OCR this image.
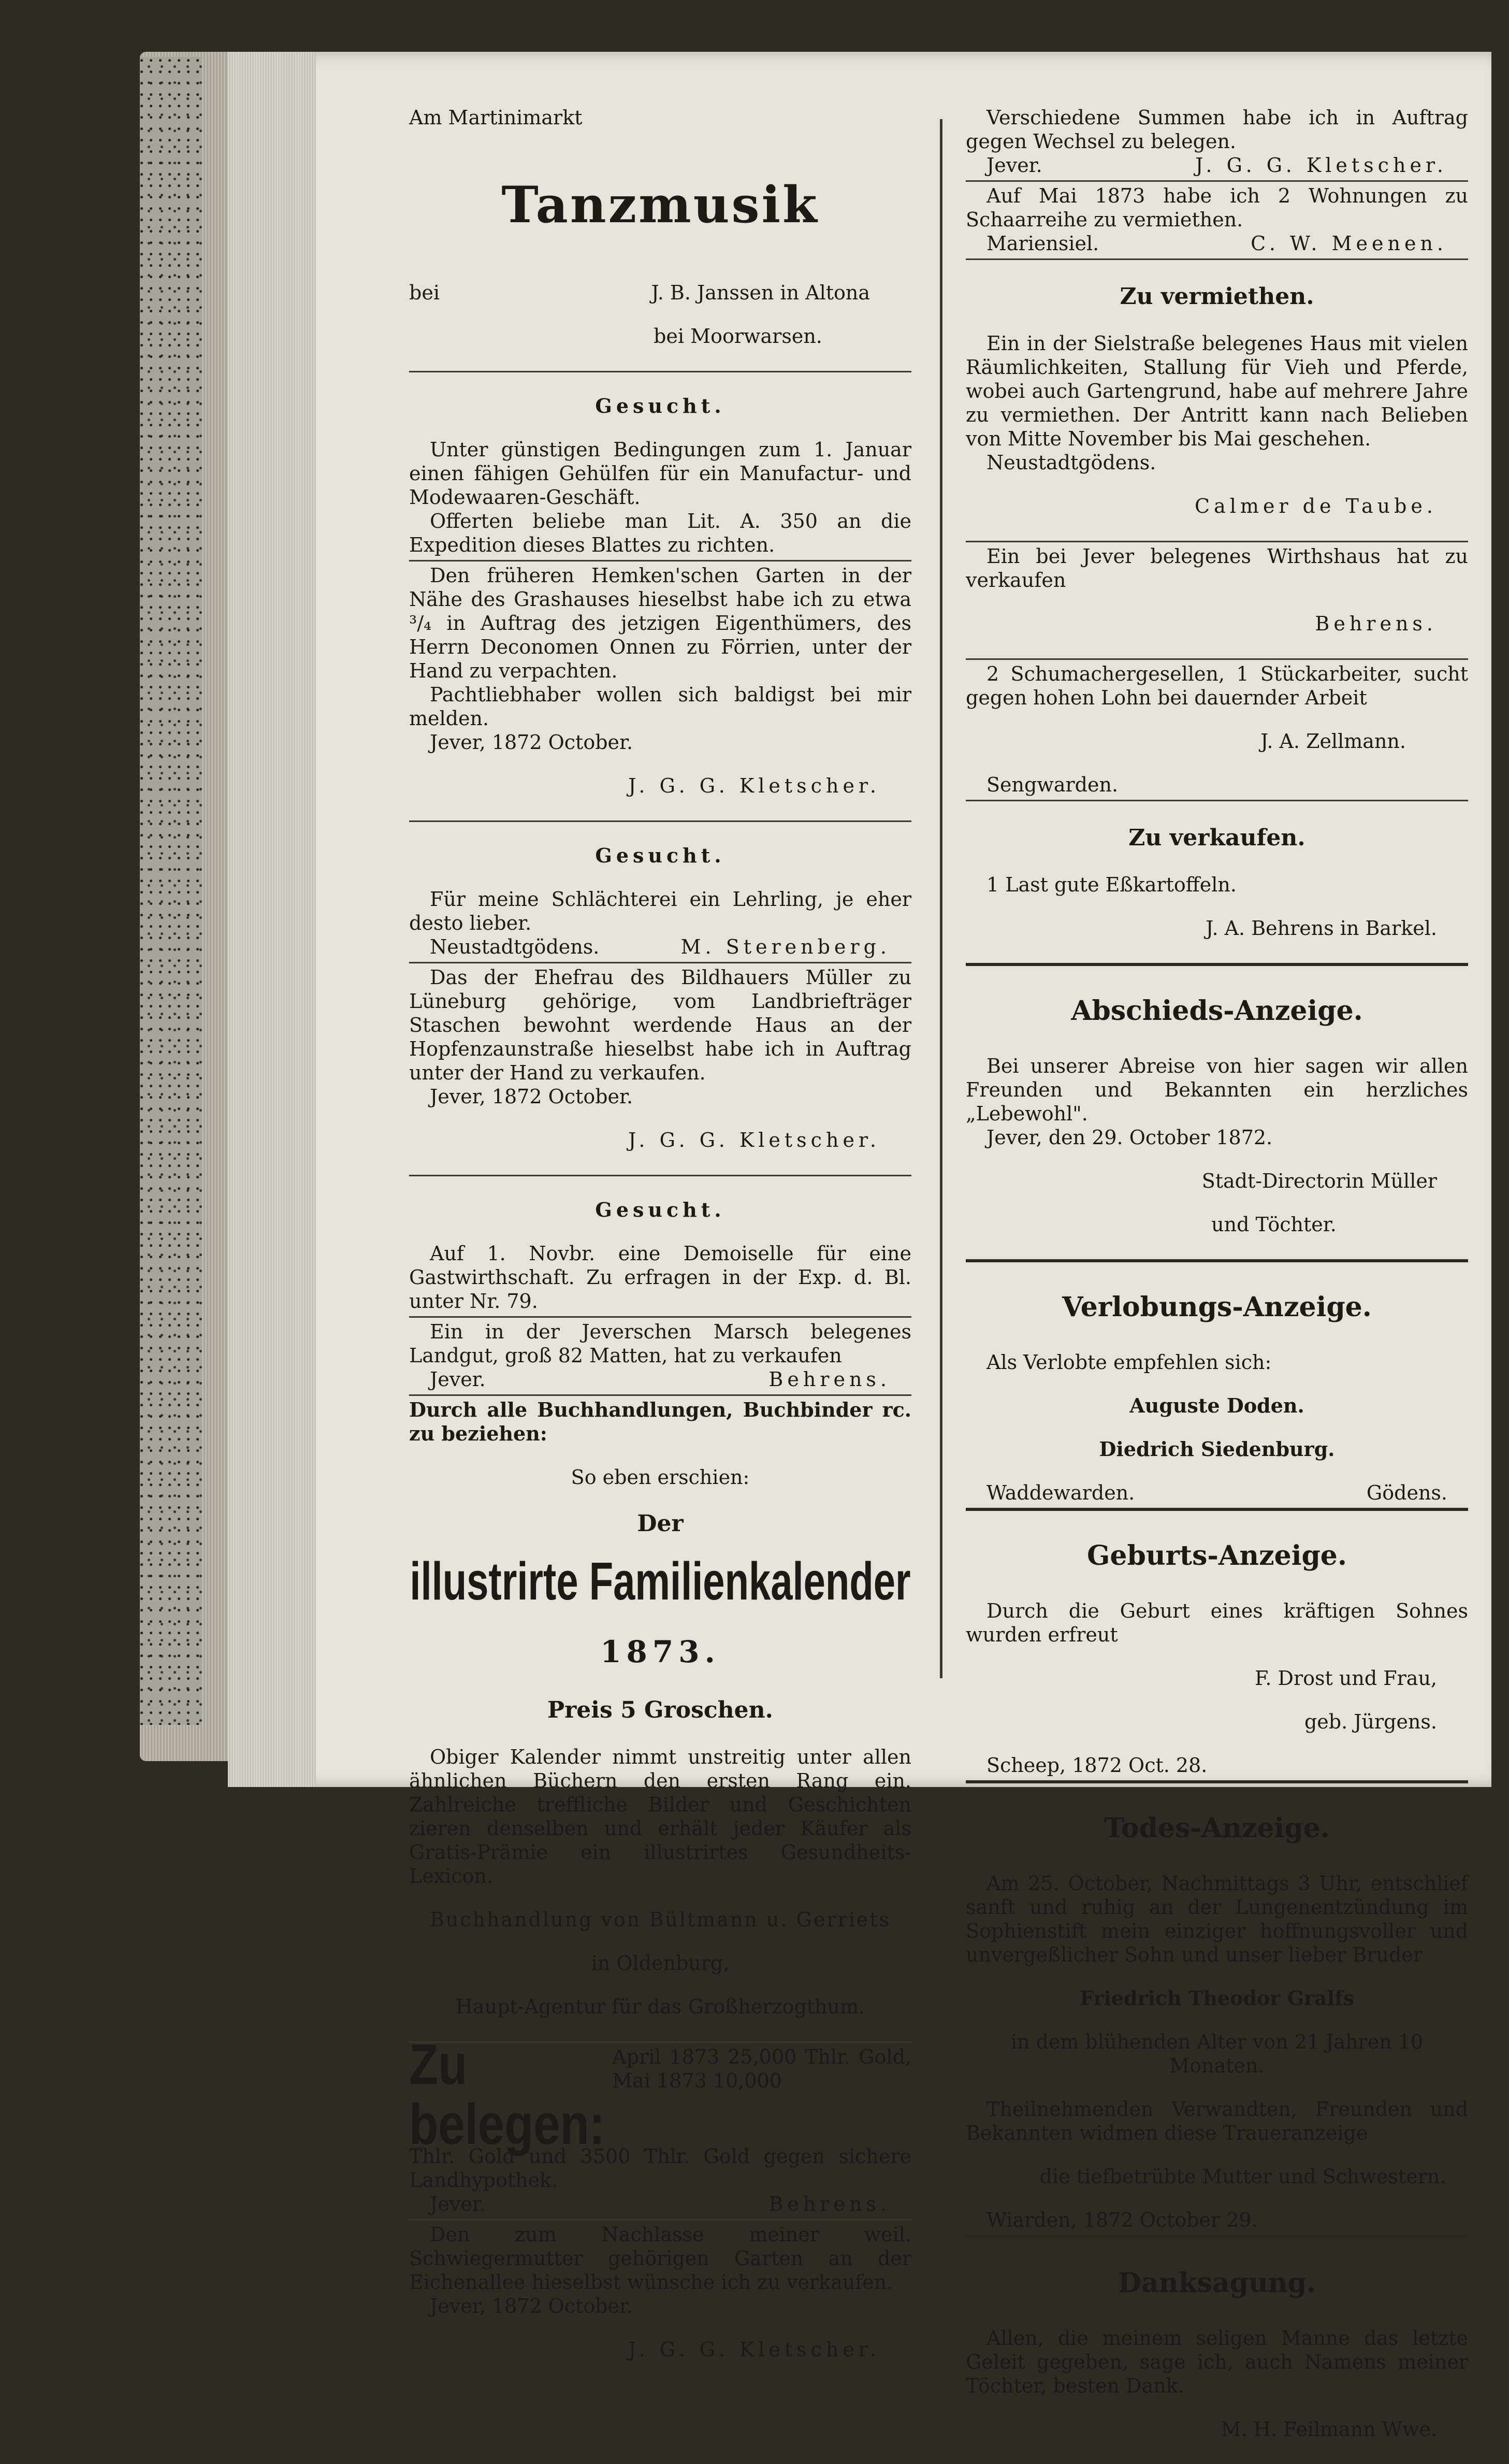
Am Martinimarkt

Tanzmusik

bei	J. B. Janssen in Altona

bei Moorwarsen.

Gesucht.

Unter günstigen Bedingungen zum 1. Januar einen fähigen Gehülfen für ein Manufactur- und Modewaaren-Geschäft.

Offerten beliebe man Lit. A. 350 an die Expedition dieses Blattes zu richten.

Den früheren Hemken'schen Garten in der Nähe des Grashauses hieselbst habe ich zu etwa ³/₄ in Auftrag des jetzigen Eigenthümers, des Herrn Deconomen Onnen zu Förrien, unter der Hand zu verpachten.

Pachtliebhaber wollen sich baldigst bei mir melden.

Jever, 1872 October.

J. G. G. Kletscher.

Gesucht.

Für meine Schlächterei ein Lehrling, je eher desto lieber.

Neustadtgödens.	M. Sterenberg.

Das der Ehefrau des Bildhauers Müller zu Lüneburg gehörige, vom Landbriefträger Staschen bewohnt werdende Haus an der Hopfenzaunstraße hieselbst habe ich in Auftrag unter der Hand zu verkaufen.

Jever, 1872 October.

J. G. G. Kletscher.

Gesucht.

Auf 1. Novbr. eine Demoiselle für eine Gastwirthschaft. Zu erfragen in der Exp. d. Bl. unter Nr. 79.

Ein in der Jeverschen Marsch belegenes Landgut, groß 82 Matten, hat zu verkaufen

Jever.	Behrens.

Durch alle Buchhandlungen, Buchbinder rc. zu beziehen:

So eben erschien:

Der

illustrirte Familienkalender

1873.

Preis 5 Groschen.

Obiger Kalender nimmt unstreitig unter allen ähnlichen Büchern den ersten Rang ein. Zahlreiche treffliche Bilder und Geschichten zieren denselben und erhält jeder Käufer als Gratis-Prämie ein illustrirtes Gesundheits-Lexicon.

Buchhandlung von Bültmann u. Gerriets

in Oldenburg,

Haupt-Agentur für das Großherzogthum.

Zu belegen:
April 1873 25,000 Thlr. Gold, Mai 1873 10,000

Thlr. Gold und 3500 Thlr. Gold gegen sichere Landhypothek.

Jever.	Behrens.

Den zum Nachlasse meiner weil. Schwiegermutter gehörigen Garten an der Eichenallee hieselbst wünsche ich zu verkaufen.

Jever, 1872 October.

J. G. G. Kletscher.

Verschiedene Summen habe ich in Auftrag gegen Wechsel zu belegen.

Jever.	J. G. G. Kletscher.

Auf Mai 1873 habe ich 2 Wohnungen zu Schaarreihe zu vermiethen.

Mariensiel.	C. W. Meenen.

Zu vermiethen.

Ein in der Sielstraße belegenes Haus mit vielen Räumlichkeiten, Stallung für Vieh und Pferde, wobei auch Gartengrund, habe auf mehrere Jahre zu vermiethen. Der Antritt kann nach Belieben von Mitte November bis Mai geschehen.

Neustadtgödens.

Calmer de Taube.

Ein bei Jever belegenes Wirthshaus hat zu verkaufen

Behrens.

2 Schumachergesellen, 1 Stückarbeiter, sucht gegen hohen Lohn bei dauernder Arbeit

J. A. Zellmann.

Sengwarden.

Zu verkaufen.

1 Last gute Eßkartoffeln.

J. A. Behrens in Barkel.

Abschieds-Anzeige.

Bei unserer Abreise von hier sagen wir allen Freunden und Bekannten ein herzliches „Lebewohl".

Jever, den 29. October 1872.

Stadt-Directorin Müller

und Töchter.

Verlobungs-Anzeige.

Als Verlobte empfehlen sich:

Auguste Doden.

Diedrich Siedenburg.

Waddewarden.	Gödens.

Geburts-Anzeige.

Durch die Geburt eines kräftigen Sohnes wurden erfreut

F. Drost und Frau,

geb. Jürgens.

Scheep, 1872 Oct. 28.

Todes-Anzeige.

Am 25. October, Nachmittags 3 Uhr, entschlief sanft und ruhig an der Lungenentzündung im Sophienstift mein einziger hoffnungsvoller und unvergeßlicher Sohn und unser lieber Bruder

Friedrich Theodor Gralfs

in dem blühenden Alter von 21 Jahren 10 Monaten.

Theilnehmenden Verwandten, Freunden und Bekannten widmen diese Traueranzeige

die tiefbetrübte Mutter und Schwestern.

Wiarden, 1872 October 29.

Danksagung.

Allen, die meinem seligen Manne das letzte Geleit gegeben, sage ich, auch Namens meiner Töchter, besten Dank.

M. H. Feilmann Wwe.
